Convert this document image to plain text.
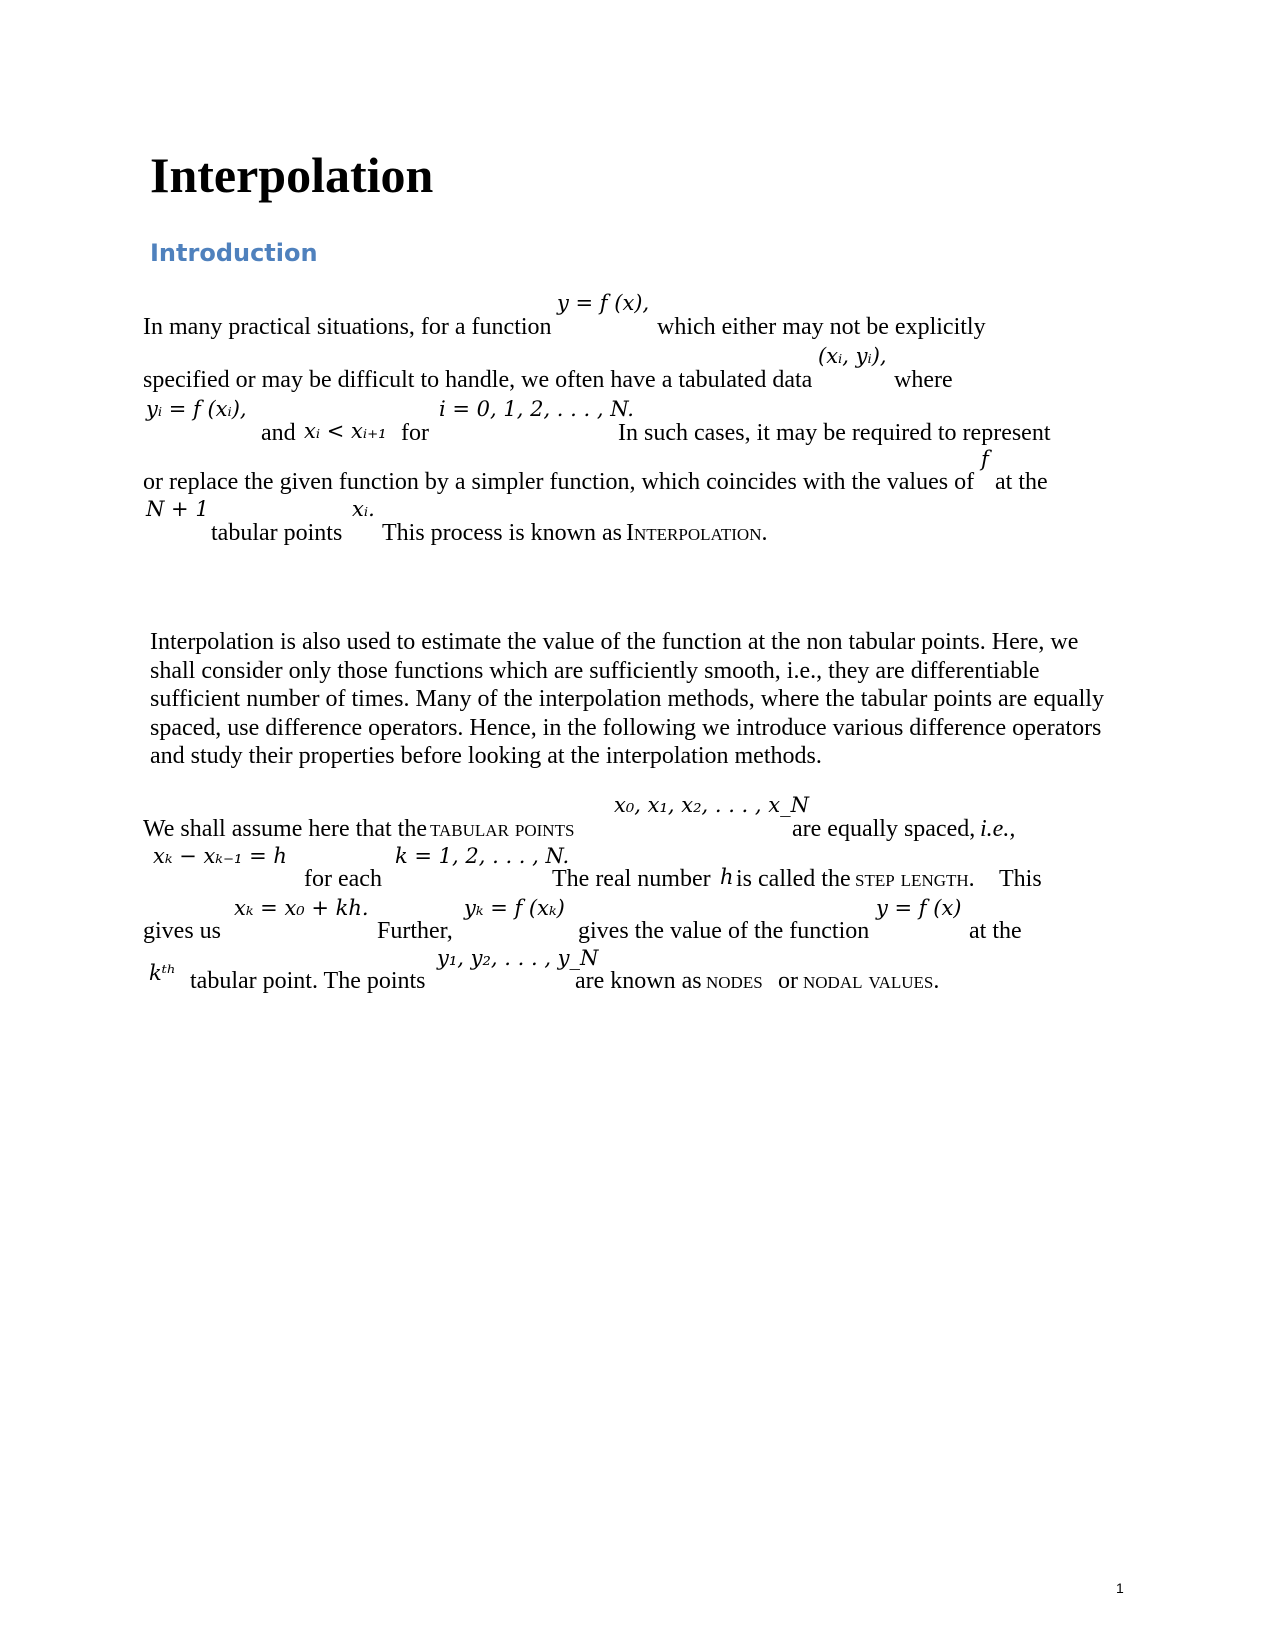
Interpolation
Introduction
y = f (x),
In many practical situations, for a function	which either may not be explicitly
(xᵢ, yᵢ),
specified or may be difficult to handle, we often have a tabulated data	where
yᵢ = f (xᵢ),	i = 0, 1, 2, . . . , N.
and xᵢ < xᵢ₊₁ for	In such cases, it may be required to represent
f
or replace the given function by a simpler function, which coincides with the values of at the
N + 1	xᵢ.
tabular points This process is known as Interpolation.
Interpolation is also used to estimate the value of the function at the non tabular points. Here, we shall consider only those functions which are sufficiently smooth, i.e., they are differentiable sufficient number of times. Many of the interpolation methods, where the tabular points are equally spaced, use difference operators. Hence, in the following we introduce various difference operators and study their properties before looking at the interpolation methods.
x₀, x₁, x₂, . . . , x_N
We shall assume here that the tabular points	are equally spaced, i.e.,
xₖ − xₖ₋₁ = h	k = 1, 2, . . . , N.
for each	The real number h is called the step length. This
xₖ = x₀ + kh.	yₖ = f (xₖ)	y = f (x)
gives us	Further,	gives the value of the function	at the
y₁, y₂, . . . , y_N
kᵗʰ tabular point. The points	are known as nodes or nodal values.
1
